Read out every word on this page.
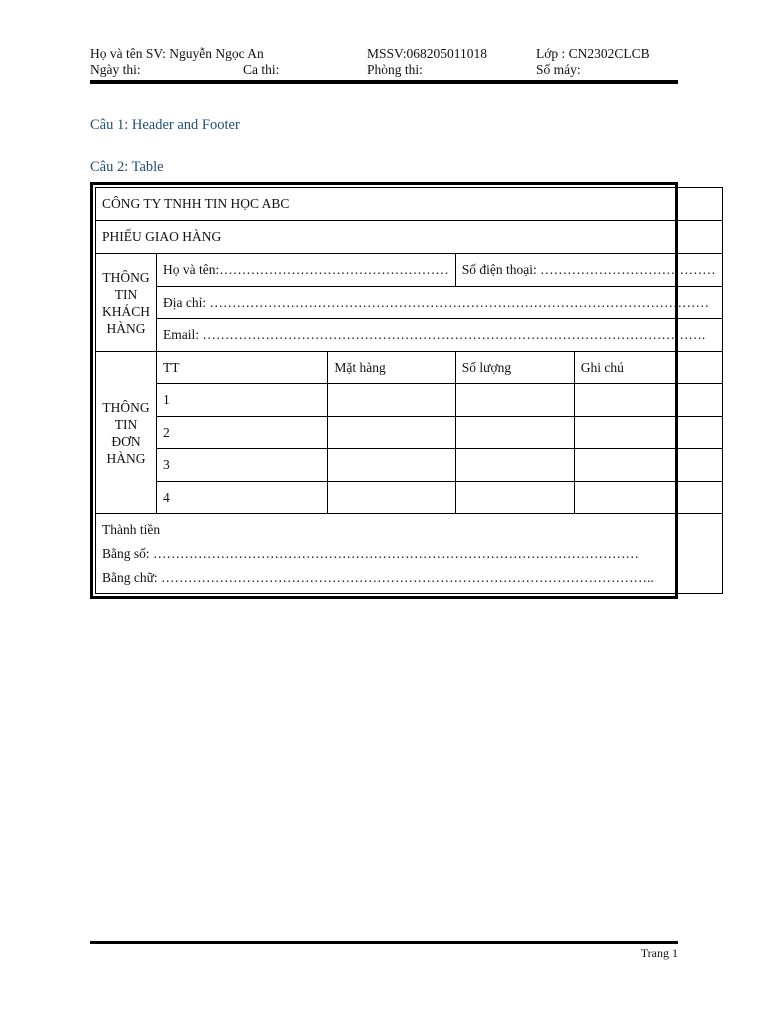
Họ và tên SV: Nguyễn Ngọc An	MSSV:068205011018	Lớp : CN2302CLCB
Ngày thi:	Ca thi:	Phòng thi:	Số máy:
Câu 1: Header and Footer
Câu 2: Table
CÔNG TY TNHH TIN HỌC ABC				
PHIẾU GIAO HÀNG				
THÔNG TIN KHÁCH HÀNG	Họ và tên:……………………………………………		Số điện thoại: …………………………………	
	Địa chỉ: …………………………………………………………………………………………………			
	Email: ………………………………………………………………………………………………….			
THÔNG TIN ĐƠN HÀNG	TT	Mặt hàng	Số lượng	Ghi chú
	1			
	2			
	3			
	4			

Thành tiền
Bằng số: ………………………………………………………………………………………………
Bằng chữ: ………………………………………………………………………………………………..				
Trang 1
